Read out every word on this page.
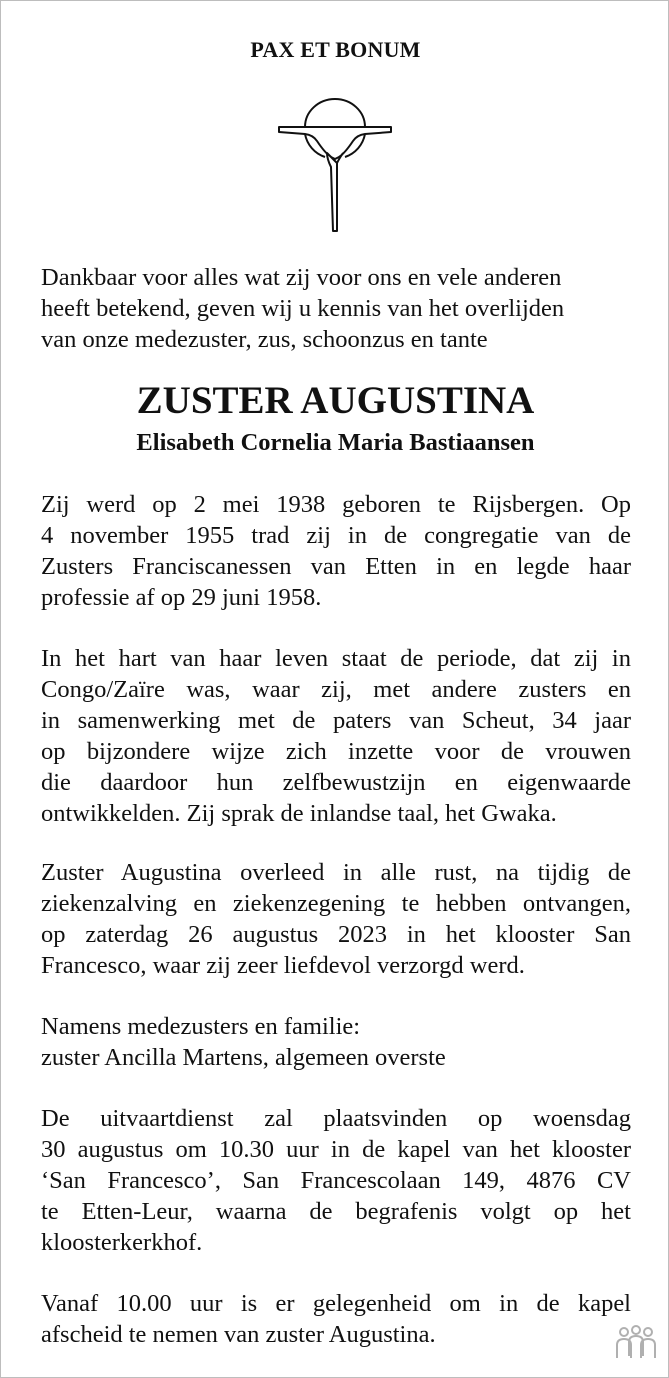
PAX ET BONUM
Dankbaar voor alles wat zij voor ons en vele anderen
heeft betekend, geven wij u kennis van het overlijden
van onze medezuster, zus, schoonzus en tante
ZUSTER AUGUSTINA
Elisabeth Cornelia Maria Bastiaansen
Zij werd op 2 mei 1938 geboren te Rijsbergen. Op
4 november 1955 trad zij in de congregatie van de
Zusters Franciscanessen van Etten in en legde haar
professie af op 29 juni 1958.
In het hart van haar leven staat de periode, dat zij in
Congo/Zaïre was, waar zij, met andere zusters en
in samenwerking met de paters van Scheut, 34 jaar
op bijzondere wijze zich inzette voor de vrouwen
die daardoor hun zelfbewustzijn en eigenwaarde
ontwikkelden. Zij sprak de inlandse taal, het Gwaka.
Zuster Augustina overleed in alle rust, na tijdig de
ziekenzalving en ziekenzegening te hebben ontvangen,
op zaterdag 26 augustus 2023 in het klooster San
Francesco, waar zij zeer liefdevol verzorgd werd.
Namens medezusters en familie:
zuster Ancilla Martens, algemeen overste
De uitvaartdienst zal plaatsvinden op woensdag
30 augustus om 10.30 uur in de kapel van het klooster
‘San Francesco’, San Francescolaan 149, 4876 CV
te Etten-Leur, waarna de begrafenis volgt op het
kloosterkerkhof.
Vanaf 10.00 uur is er gelegenheid om in de kapel
afscheid te nemen van zuster Augustina.
